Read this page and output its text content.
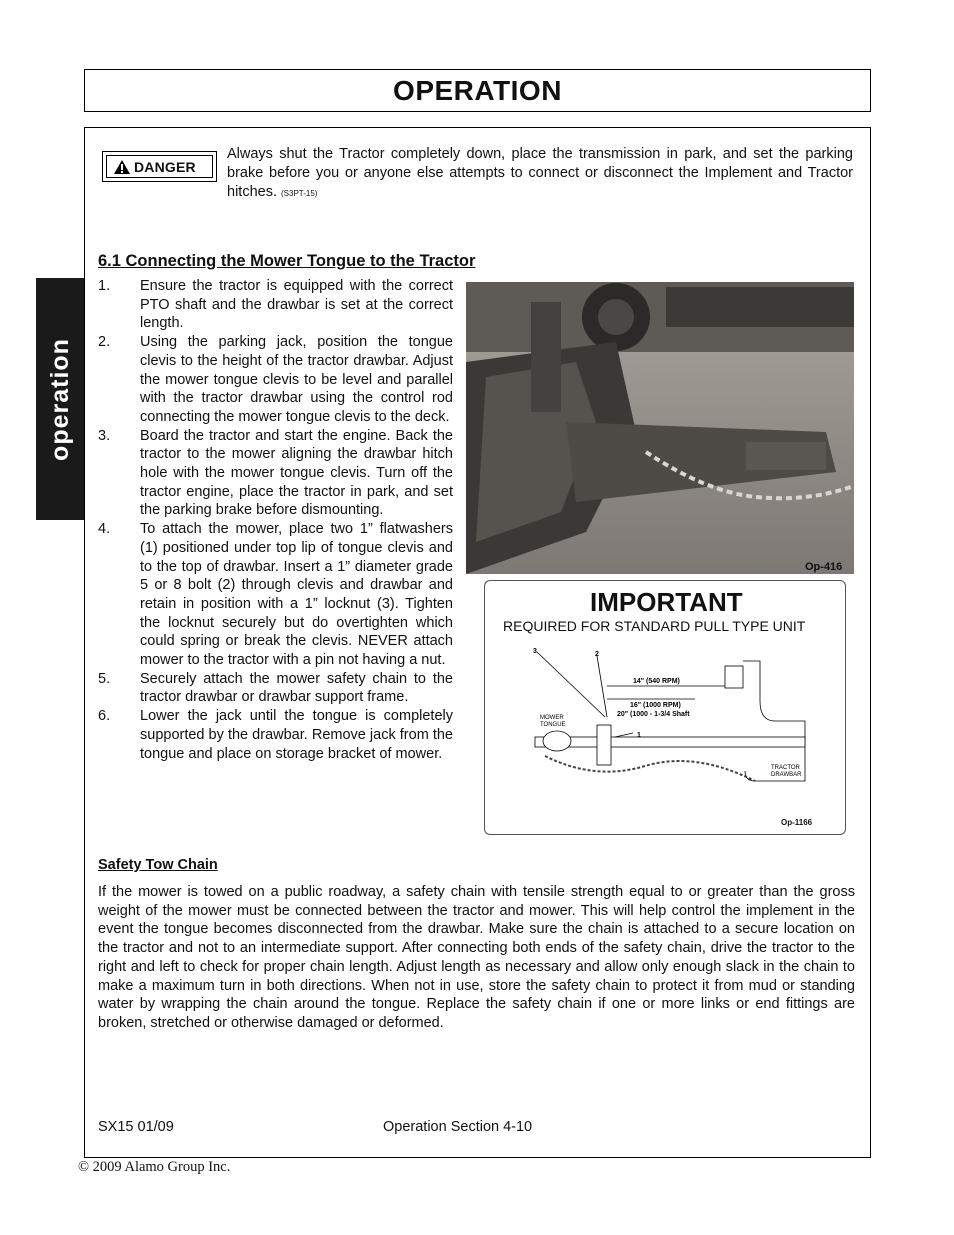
OPERATION
operation
DANGER
Always shut the Tractor completely down, place the transmission in park, and set the parking brake before you or anyone else attempts to connect or disconnect the Implement and Tractor hitches. (S3PT-15)
6.1 Connecting the Mower Tongue to the Tractor
1. Ensure the tractor is equipped with the correct PTO shaft and the drawbar is set at the correct length.
2. Using the parking jack, position the tongue clevis to the height of the tractor drawbar. Adjust the mower tongue clevis to be level and parallel with the tractor drawbar using the control rod connecting the mower tongue clevis to the deck.
3. Board the tractor and start the engine. Back the tractor to the mower aligning the drawbar hitch hole with the mower tongue clevis. Turn off the tractor engine, place the tractor in park, and set the parking brake before dismounting.
4. To attach the mower, place two 1” flatwashers (1) positioned under top lip of tongue clevis and to the top of drawbar. Insert a 1” diameter grade 5 or 8 bolt (2) through clevis and drawbar and retain in position with a 1” locknut (3). Tighten the locknut securely but do overtighten which could spring or break the clevis. NEVER attach mower to the tractor with a pin not having a nut.
5. Securely attach the mower safety chain to the tractor drawbar or drawbar support frame.
6. Lower the jack until the tongue is completely supported by the drawbar. Remove jack from the tongue and place on storage bracket of mower.
Op-416
IMPORTANT
REQUIRED FOR STANDARD PULL TYPE UNIT
3	2
14" (540 RPM)
16" (1000 RPM)
20" (1000 - 1-3/4 Shaft
1
MOWER
TONGUE
TRACTOR
DRAWBAR
Op-1166
Safety Tow Chain
If the mower is towed on a public roadway, a safety chain with tensile strength equal to or greater than the gross weight of the mower must be connected between the tractor and mower. This will help control the implement in the event the tongue becomes disconnected from the drawbar. Make sure the chain is attached to a secure location on the tractor and not to an intermediate support. After connecting both ends of the safety chain, drive the tractor to the right and left to check for proper chain length. Adjust length as necessary and allow only enough slack in the chain to make a maximum turn in both directions. When not in use, store the safety chain to protect it from mud or standing water by wrapping the chain around the tongue. Replace the safety chain if one or more links or end fittings are broken, stretched or otherwise damaged or deformed.
SX15 01/09	Operation Section 4-10
© 2009 Alamo Group Inc.
